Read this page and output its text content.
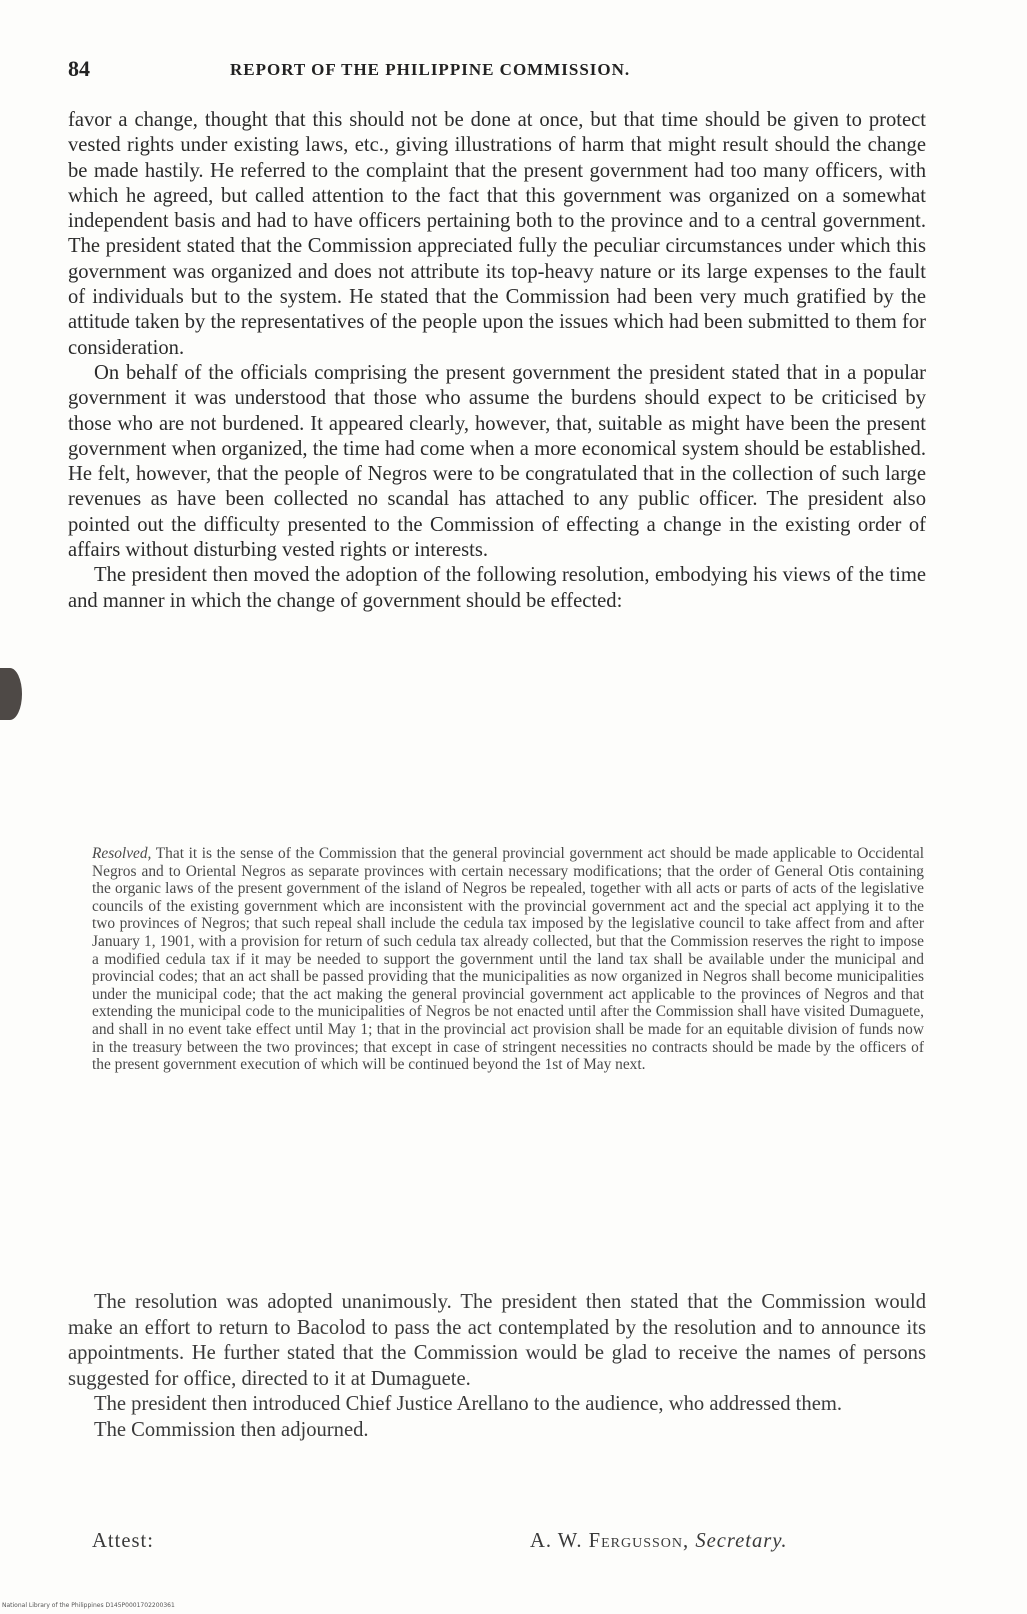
84	REPORT OF THE PHILIPPINE COMMISSION.

favor a change, thought that this should not be done at once, but that time should be given to protect vested rights under existing laws, etc., giving illustrations of harm that might result should the change be made hastily. He referred to the complaint that the present government had too many officers, with which he agreed, but called attention to the fact that this government was organized on a somewhat independent basis and had to have officers pertaining both to the province and to a central government. The president stated that the Commission appreciated fully the peculiar circumstances under which this government was organized and does not attribute its top-heavy nature or its large expenses to the fault of individuals but to the system. He stated that the Commission had been very much gratified by the attitude taken by the representatives of the people upon the issues which had been submitted to them for consideration.

On behalf of the officials comprising the present government the president stated that in a popular government it was understood that those who assume the burdens should expect to be criticised by those who are not burdened. It appeared clearly, however, that, suitable as might have been the present government when organized, the time had come when a more economical system should be established. He felt, however, that the people of Negros were to be congratulated that in the collection of such large revenues as have been collected no scandal has attached to any public officer. The president also pointed out the difficulty presented to the Commission of effecting a change in the existing order of affairs without disturbing vested rights or interests.

The president then moved the adoption of the following resolution, embodying his views of the time and manner in which the change of government should be effected:

Resolved, That it is the sense of the Commission that the general provincial government act should be made applicable to Occidental Negros and to Oriental Negros as separate provinces with certain necessary modifications; that the order of General Otis containing the organic laws of the present government of the island of Negros be repealed, together with all acts or parts of acts of the legislative councils of the existing government which are inconsistent with the provincial government act and the special act applying it to the two provinces of Negros; that such repeal shall include the cedula tax imposed by the legislative council to take affect from and after January 1, 1901, with a provision for return of such cedula tax already collected, but that the Commission reserves the right to impose a modified cedula tax if it may be needed to support the government until the land tax shall be available under the municipal and provincial codes; that an act shall be passed providing that the municipalities as now organized in Negros shall become municipalities under the municipal code; that the act making the general provincial government act applicable to the provinces of Negros and that extending the municipal code to the municipalities of Negros be not enacted until after the Commission shall have visited Dumaguete, and shall in no event take effect until May 1; that in the provincial act provision shall be made for an equitable division of funds now in the treasury between the two provinces; that except in case of stringent necessities no contracts should be made by the officers of the present government execution of which will be continued beyond the 1st of May next.

The resolution was adopted unanimously. The president then stated that the Commission would make an effort to return to Bacolod to pass the act contemplated by the resolution and to announce its appointments. He further stated that the Commission would be glad to receive the names of persons suggested for office, directed to it at Dumaguete.

The president then introduced Chief Justice Arellano to the audience, who addressed them.

The Commission then adjourned.

Attest:	A. W. Fergusson, Secretary.
National Library of the Philippines D145P0001702200361
